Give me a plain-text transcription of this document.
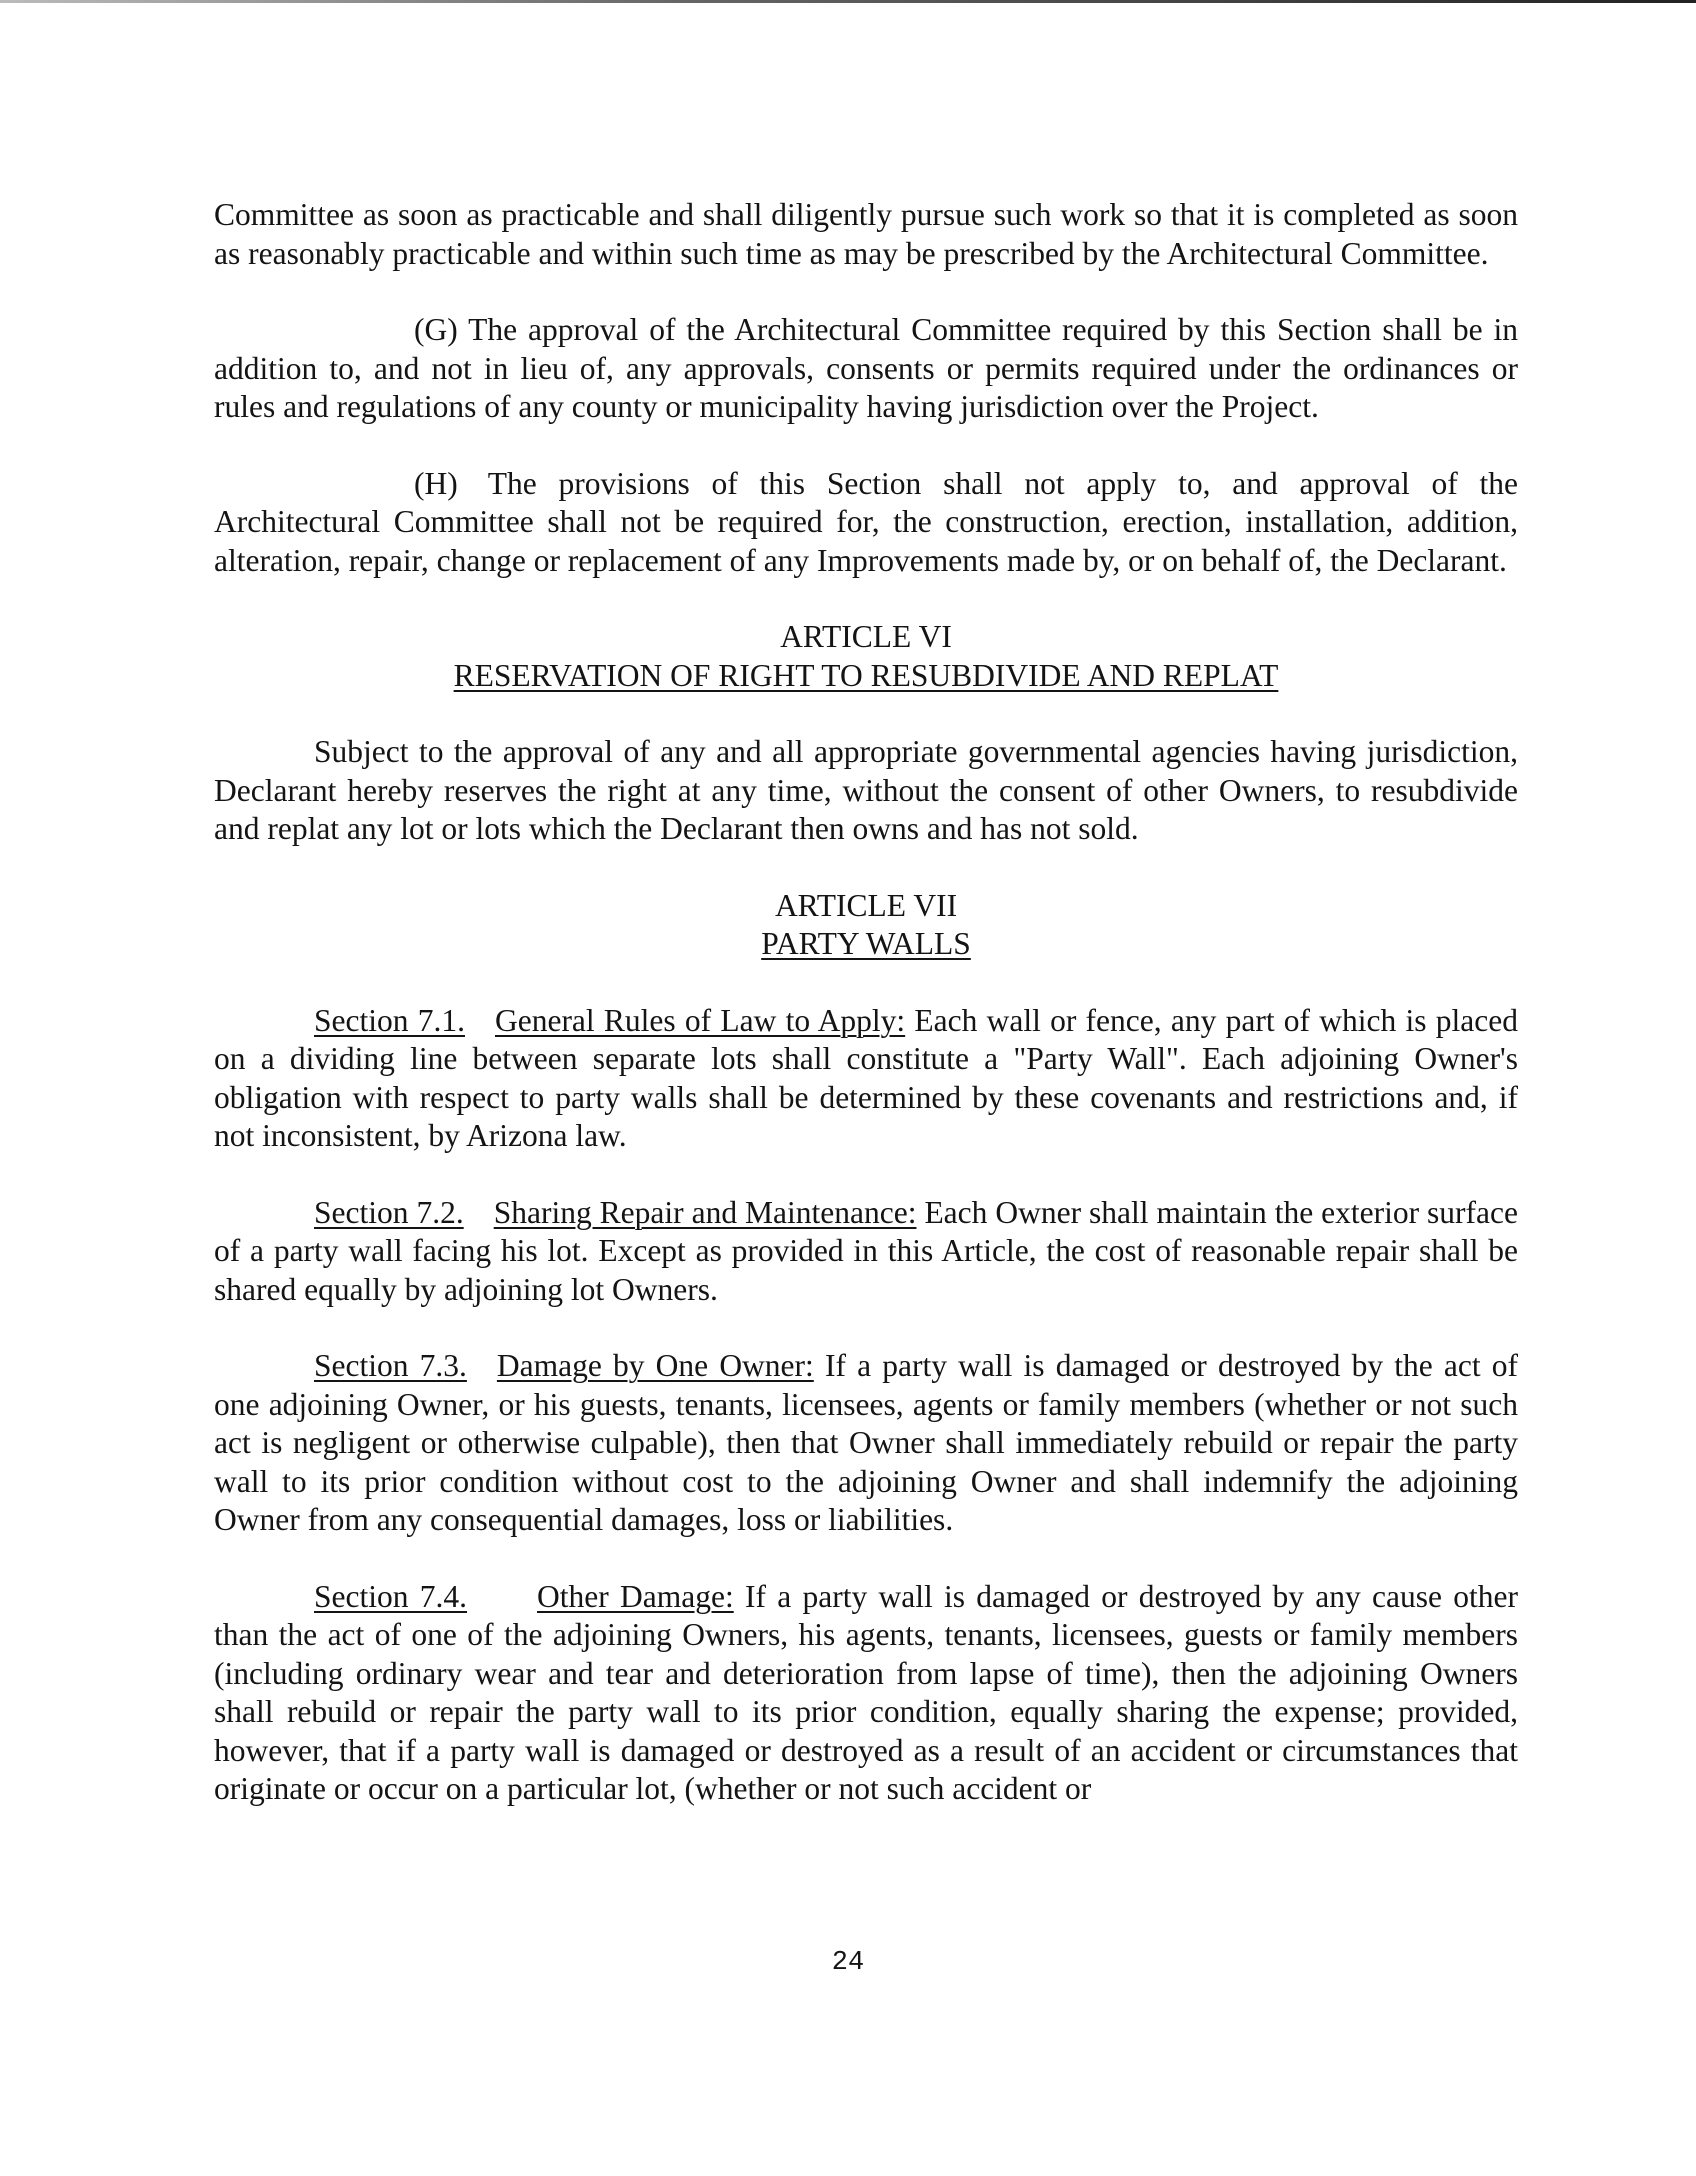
Committee as soon as practicable and shall diligently pursue such work so that it is completed as soon as reasonably practicable and within such time as may be prescribed by the Architectural Committee.

(G) The approval of the Architectural Committee required by this Section shall be in addition to, and not in lieu of, any approvals, consents or permits required under the ordinances or rules and regulations of any county or municipality having jurisdiction over the Project.

(H) The provisions of this Section shall not apply to, and approval of the Architectural Committee shall not be required for, the construction, erection, installation, addition, alteration, repair, change or replacement of any Improvements made by, or on behalf of, the Declarant.

ARTICLE VI
RESERVATION OF RIGHT TO RESUBDIVIDE AND REPLAT

Subject to the approval of any and all appropriate governmental agencies having jurisdiction, Declarant hereby reserves the right at any time, without the consent of other Owners, to resubdivide and replat any lot or lots which the Declarant then owns and has not sold.

ARTICLE VII
PARTY WALLS

Section 7.1. General Rules of Law to Apply: Each wall or fence, any part of which is placed on a dividing line between separate lots shall constitute a "Party Wall". Each adjoining Owner's obligation with respect to party walls shall be determined by these covenants and restrictions and, if not inconsistent, by Arizona law.

Section 7.2. Sharing Repair and Maintenance: Each Owner shall maintain the exterior surface of a party wall facing his lot. Except as provided in this Article, the cost of reasonable repair shall be shared equally by adjoining lot Owners.

Section 7.3. Damage by One Owner: If a party wall is damaged or destroyed by the act of one adjoining Owner, or his guests, tenants, licensees, agents or family members (whether or not such act is negligent or otherwise culpable), then that Owner shall immediately rebuild or repair the party wall to its prior condition without cost to the adjoining Owner and shall indemnify the adjoining Owner from any consequential damages, loss or liabilities.

Section 7.4. Other Damage: If a party wall is damaged or destroyed by any cause other than the act of one of the adjoining Owners, his agents, tenants, licensees, guests or family members (including ordinary wear and tear and deterioration from lapse of time), then the adjoining Owners shall rebuild or repair the party wall to its prior condition, equally sharing the expense; provided, however, that if a party wall is damaged or destroyed as a result of an accident or circumstances that originate or occur on a particular lot, (whether or not such accident or

24
